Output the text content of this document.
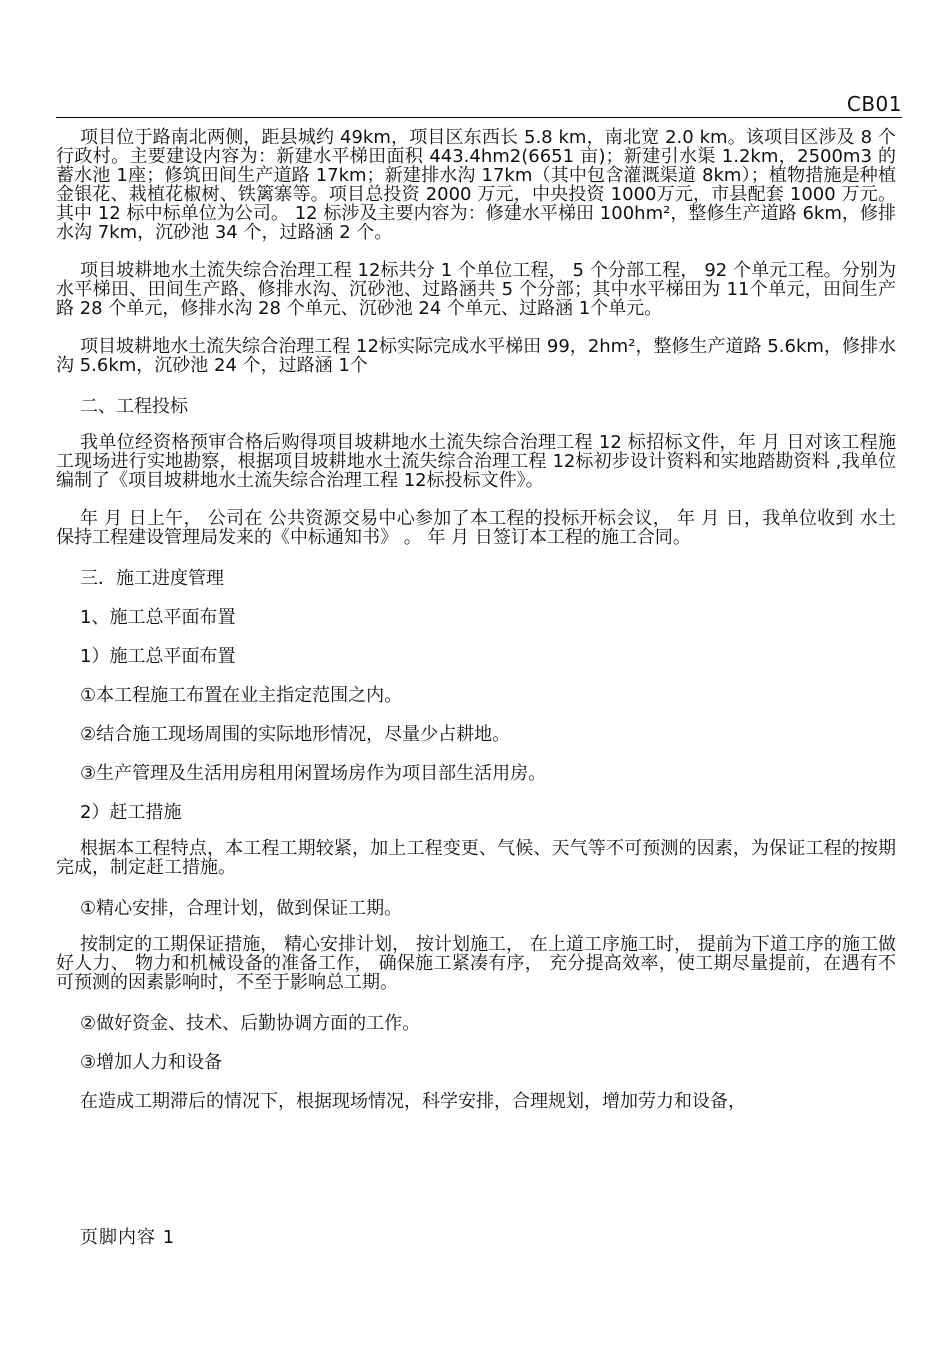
CB01

项目位于路南北两侧，距县城约 49km，项目区东西长 5.8 km，南北宽 2.0 km。该项目区涉及 8 个行政村。主要建设内容为：新建水平梯田面积 443.4hm2(6651 亩)；新建引水渠 1.2km，2500m3 的蓄水池 1座；修筑田间生产道路 17km；新建排水沟 17km（其中包含灌溉渠道 8km）；植物措施是种植金银花、栽植花椒树、铁篱寨等。项目总投资 2000 万元，中央投资 1000万元，市县配套 1000 万元。其中 12 标中标单位为公司。 12 标涉及主要内容为：修建水平梯田 100hm²，整修生产道路 6km，修排水沟 7km，沉砂池 34 个，过路涵 2 个。

项目坡耕地水土流失综合治理工程 12标共分 1 个单位工程， 5 个分部工程， 92 个单元工程。分别为水平梯田、田间生产路、修排水沟、沉砂池、过路涵共 5 个分部；其中水平梯田为 11个单元，田间生产路 28 个单元，修排水沟 28 个单元、沉砂池 24 个单元、过路涵 1个单元。

项目坡耕地水土流失综合治理工程 12标实际完成水平梯田 99，2hm²，整修生产道路 5.6km，修排水沟 5.6km，沉砂池 24 个，过路涵 1个

二、工程投标

我单位经资格预审合格后购得项目坡耕地水土流失综合治理工程 12 标招标文件，年 月 日对该工程施工现场进行实地勘察，根据项目坡耕地水土流失综合治理工程 12标初步设计资料和实地踏勘资料 ,我单位编制了《项目坡耕地水土流失综合治理工程 12标投标文件》。

年 月 日上午， 公司在 公共资源交易中心参加了本工程的投标开标会议， 年 月 日，我单位收到 水土保持工程建设管理局发来的《中标通知书》 。 年 月 日签订本工程的施工合同。

三．施工进度管理
1、施工总平面布置
1）施工总平面布置
①本工程施工布置在业主指定范围之内。
②结合施工现场周围的实际地形情况，尽量少占耕地。
③生产管理及生活用房租用闲置场房作为项目部生活用房。
2）赶工措施

根据本工程特点，本工程工期较紧，加上工程变更、气候、天气等不可预测的因素，为保证工程的按期完成，制定赶工措施。

①精心安排，合理计划，做到保证工期。

按制定的工期保证措施， 精心安排计划， 按计划施工， 在上道工序施工时， 提前为下道工序的施工做好人力、 物力和机械设备的准备工作， 确保施工紧凑有序， 充分提高效率，使工期尽量提前，在遇有不可预测的因素影响时，不至于影响总工期。

②做好资金、技术、后勤协调方面的工作。
③增加人力和设备
在造成工期滞后的情况下，根据现场情况，科学安排，合理规划，增加劳力和设备，
页脚内容 1
